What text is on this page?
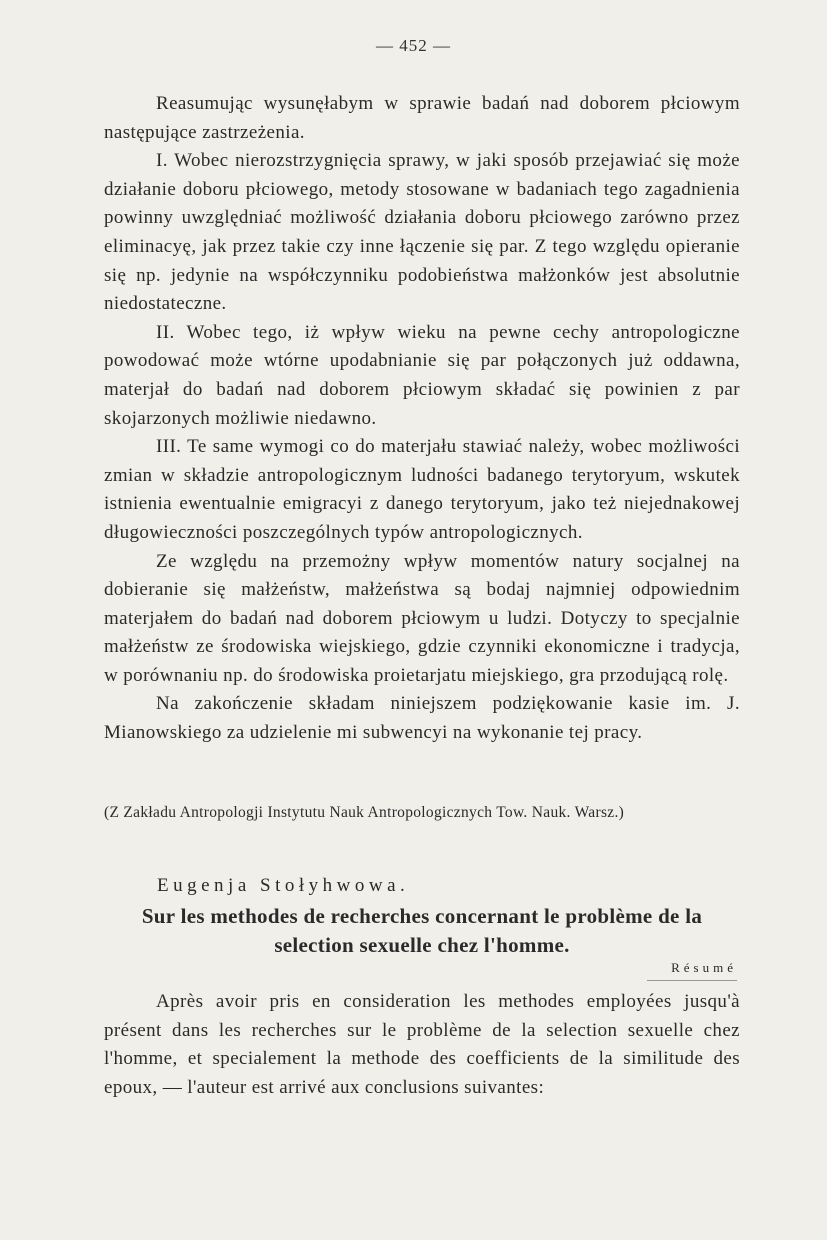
— 452 —

Reasumując wysunęłabym w sprawie badań nad doborem płciowym następujące zastrzeżenia.

I. Wobec nierozstrzygnięcia sprawy, w jaki sposób przejawiać się może działanie doboru płciowego, metody stosowane w badaniach tego zagadnienia powinny uwzględniać możliwość działania doboru płciowego zarówno przez eliminacyę, jak przez takie czy inne łączenie się par. Z tego względu opieranie się np. jedynie na współczynniku podobieństwa małżonków jest absolutnie niedostateczne.

II. Wobec tego, iż wpływ wieku na pewne cechy antropologiczne powodować może wtórne upodabnianie się par połączonych już oddawna, materjał do badań nad doborem płciowym składać się powinien z par skojarzonych możliwie niedawno.

III. Te same wymogi co do materjału stawiać należy, wobec możliwości zmian w składzie antropologicznym ludności badanego terytoryum, wskutek istnienia ewentualnie emigracyi z danego terytoryum, jako też niejednakowej długowieczności poszczególnych typów antropologicznych.

Ze względu na przemożny wpływ momentów natury socjalnej na dobieranie się małżeństw, małżeństwa są bodaj najmniej odpowiednim materjałem do badań nad doborem płciowym u ludzi. Dotyczy to specjalnie małżeństw ze środowiska wiejskiego, gdzie czynniki ekonomiczne i tradycja, w porównaniu np. do środowiska proietarjatu miejskiego, gra przodującą rolę.

Na zakończenie składam niniejszem podziękowanie kasie im. J. Mianowskiego za udzielenie mi subwencyi na wykonanie tej pracy.

(Z Zakładu Antropologji Instytutu Nauk Antropologicznych Tow. Nauk. Warsz.)
Eugenja Stołyhwowa.
Sur les methodes de recherches concernant le problème de la selection sexuelle chez l'homme.
Résumé

Après avoir pris en consideration les methodes employées jusqu'à présent dans les recherches sur le problème de la selection sexuelle chez l'homme, et specialement la methode des coefficients de la similitude des epoux, — l'auteur est arrivé aux conclusions suivantes:
